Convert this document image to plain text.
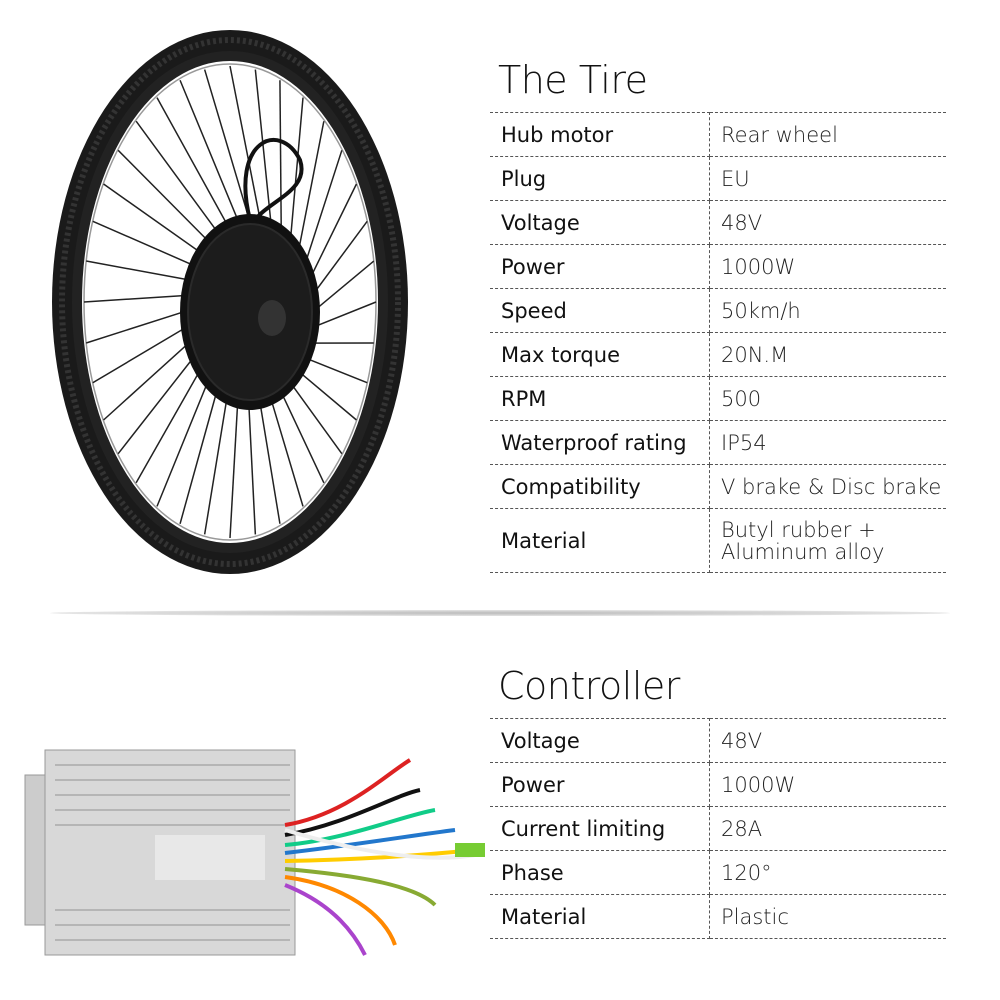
The Tire
Hub motor	Rear wheel
Plug	EU
Voltage	48V
Power	1000W
Speed	50km/h
Max torque	20N.M
RPM	500
Waterproof rating	IP54
Compatibility	V brake & Disc brake
Material	Butyl rubber + Aluminum alloy
Controller
Voltage	48V
Power	1000W
Current limiting	28A
Phase	120°
Material	Plastic
